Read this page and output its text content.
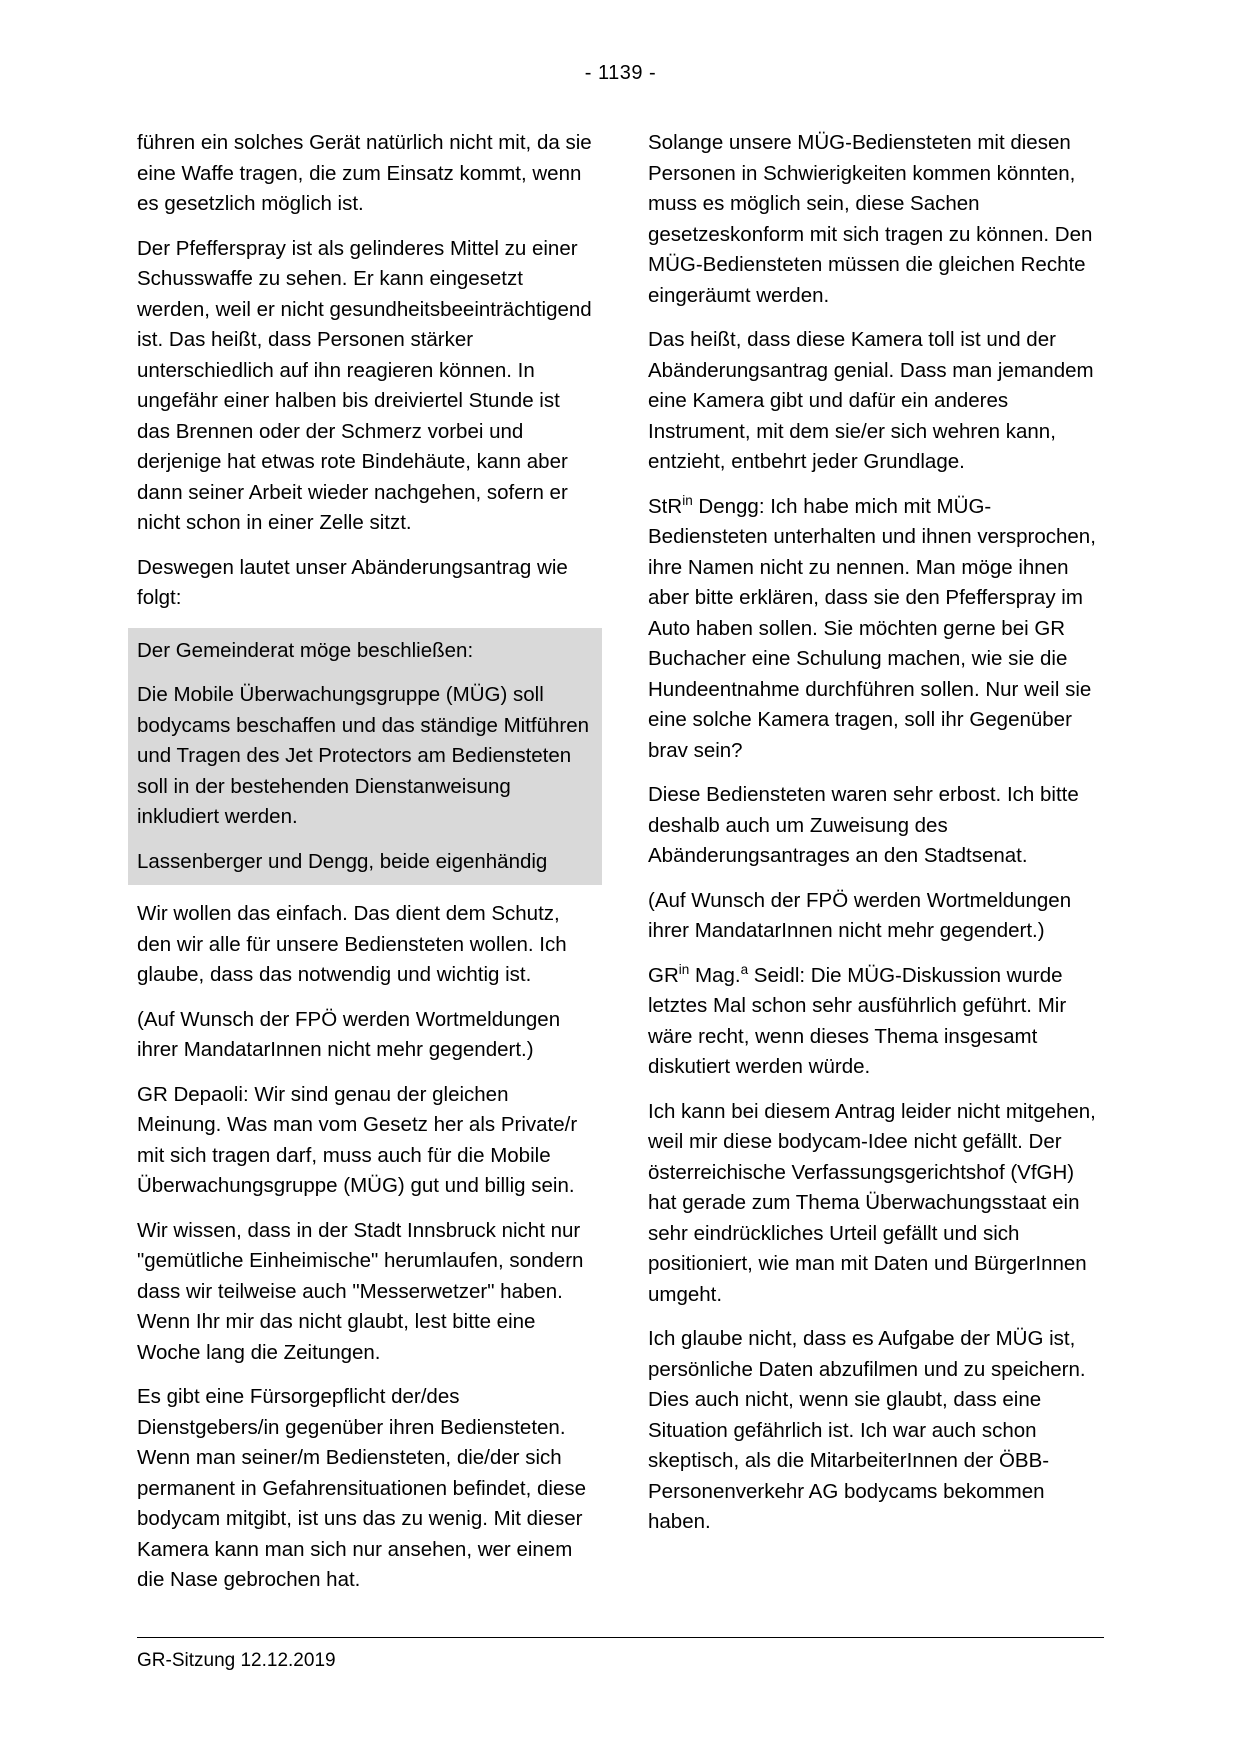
- 1139 -

führen ein solches Gerät natürlich nicht mit, da sie eine Waffe tragen, die zum Einsatz kommt, wenn es gesetzlich möglich ist.

Der Pfefferspray ist als gelinderes Mittel zu einer Schusswaffe zu sehen. Er kann eingesetzt werden, weil er nicht gesundheitsbeeinträchtigend ist. Das heißt, dass Personen stärker unterschiedlich auf ihn reagieren können. In ungefähr einer halben bis dreiviertel Stunde ist das Brennen oder der Schmerz vorbei und derjenige hat etwas rote Bindehäute, kann aber dann seiner Arbeit wieder nachgehen, sofern er nicht schon in einer Zelle sitzt.

Deswegen lautet unser Abänderungsantrag wie folgt:

Der Gemeinderat möge beschließen:

Die Mobile Überwachungsgruppe (MÜG) soll bodycams beschaffen und das ständige Mitführen und Tragen des Jet Protectors am Bediensteten soll in der bestehenden Dienstanweisung inkludiert werden.

Lassenberger und Dengg, beide eigenhändig

Wir wollen das einfach. Das dient dem Schutz, den wir alle für unsere Bediensteten wollen. Ich glaube, dass das notwendig und wichtig ist.

(Auf Wunsch der FPÖ werden Wortmeldungen ihrer MandatarInnen nicht mehr gegendert.)

GR Depaoli: Wir sind genau der gleichen Meinung. Was man vom Gesetz her als Private/r mit sich tragen darf, muss auch für die Mobile Überwachungsgruppe (MÜG) gut und billig sein.

Wir wissen, dass in der Stadt Innsbruck nicht nur "gemütliche Einheimische" herumlaufen, sondern dass wir teilweise auch "Messerwetzer" haben. Wenn Ihr mir das nicht glaubt, lest bitte eine Woche lang die Zeitungen.

Es gibt eine Fürsorgepflicht der/des Dienstgebers/in gegenüber ihren Bediensteten. Wenn man seiner/m Bediensteten, die/der sich permanent in Gefahrensituationen befindet, diese bodycam mitgibt, ist uns das zu wenig. Mit dieser Kamera kann man sich nur ansehen, wer einem die Nase gebrochen hat.

Solange unsere MÜG-Bediensteten mit diesen Personen in Schwierigkeiten kommen könnten, muss es möglich sein, diese Sachen gesetzeskonform mit sich tragen zu können. Den MÜG-Bediensteten müssen die gleichen Rechte eingeräumt werden.

Das heißt, dass diese Kamera toll ist und der Abänderungsantrag genial. Dass man jemandem eine Kamera gibt und dafür ein anderes Instrument, mit dem sie/er sich wehren kann, entzieht, entbehrt jeder Grundlage.

StR$^{in}$ Dengg: Ich habe mich mit MÜG-Bediensteten unterhalten und ihnen versprochen, ihre Namen nicht zu nennen. Man möge ihnen aber bitte erklären, dass sie den Pfefferspray im Auto haben sollen. Sie möchten gerne bei GR Buchacher eine Schulung machen, wie sie die Hundeentnahme durchführen sollen. Nur weil sie eine solche Kamera tragen, soll ihr Gegenüber brav sein?

Diese Bediensteten waren sehr erbost. Ich bitte deshalb auch um Zuweisung des Abänderungsantrages an den Stadtsenat.

(Auf Wunsch der FPÖ werden Wortmeldungen ihrer MandatarInnen nicht mehr gegendert.)

$GR^{in}$ Mag.$^a$ Seidl: Die MÜG-Diskussion wurde letztes Mal schon sehr ausführlich geführt. Mir wäre recht, wenn dieses Thema insgesamt diskutiert werden würde.

Ich kann bei diesem Antrag leider nicht mitgehen, weil mir diese bodycam-Idee nicht gefällt. Der österreichische Verfassungsgerichtshof (VfGH) hat gerade zum Thema Überwachungsstaat ein sehr eindrückliches Urteil gefällt und sich positioniert, wie man mit Daten und BürgerInnen umgeht.

Ich glaube nicht, dass es Aufgabe der MÜG ist, persönliche Daten abzufilmen und zu speichern. Dies auch nicht, wenn sie glaubt, dass eine Situation gefährlich ist. Ich war auch schon skeptisch, als die MitarbeiterInnen der ÖBB-Personenverkehr AG bodycams bekommen haben.

GR-Sitzung 12.12.2019
